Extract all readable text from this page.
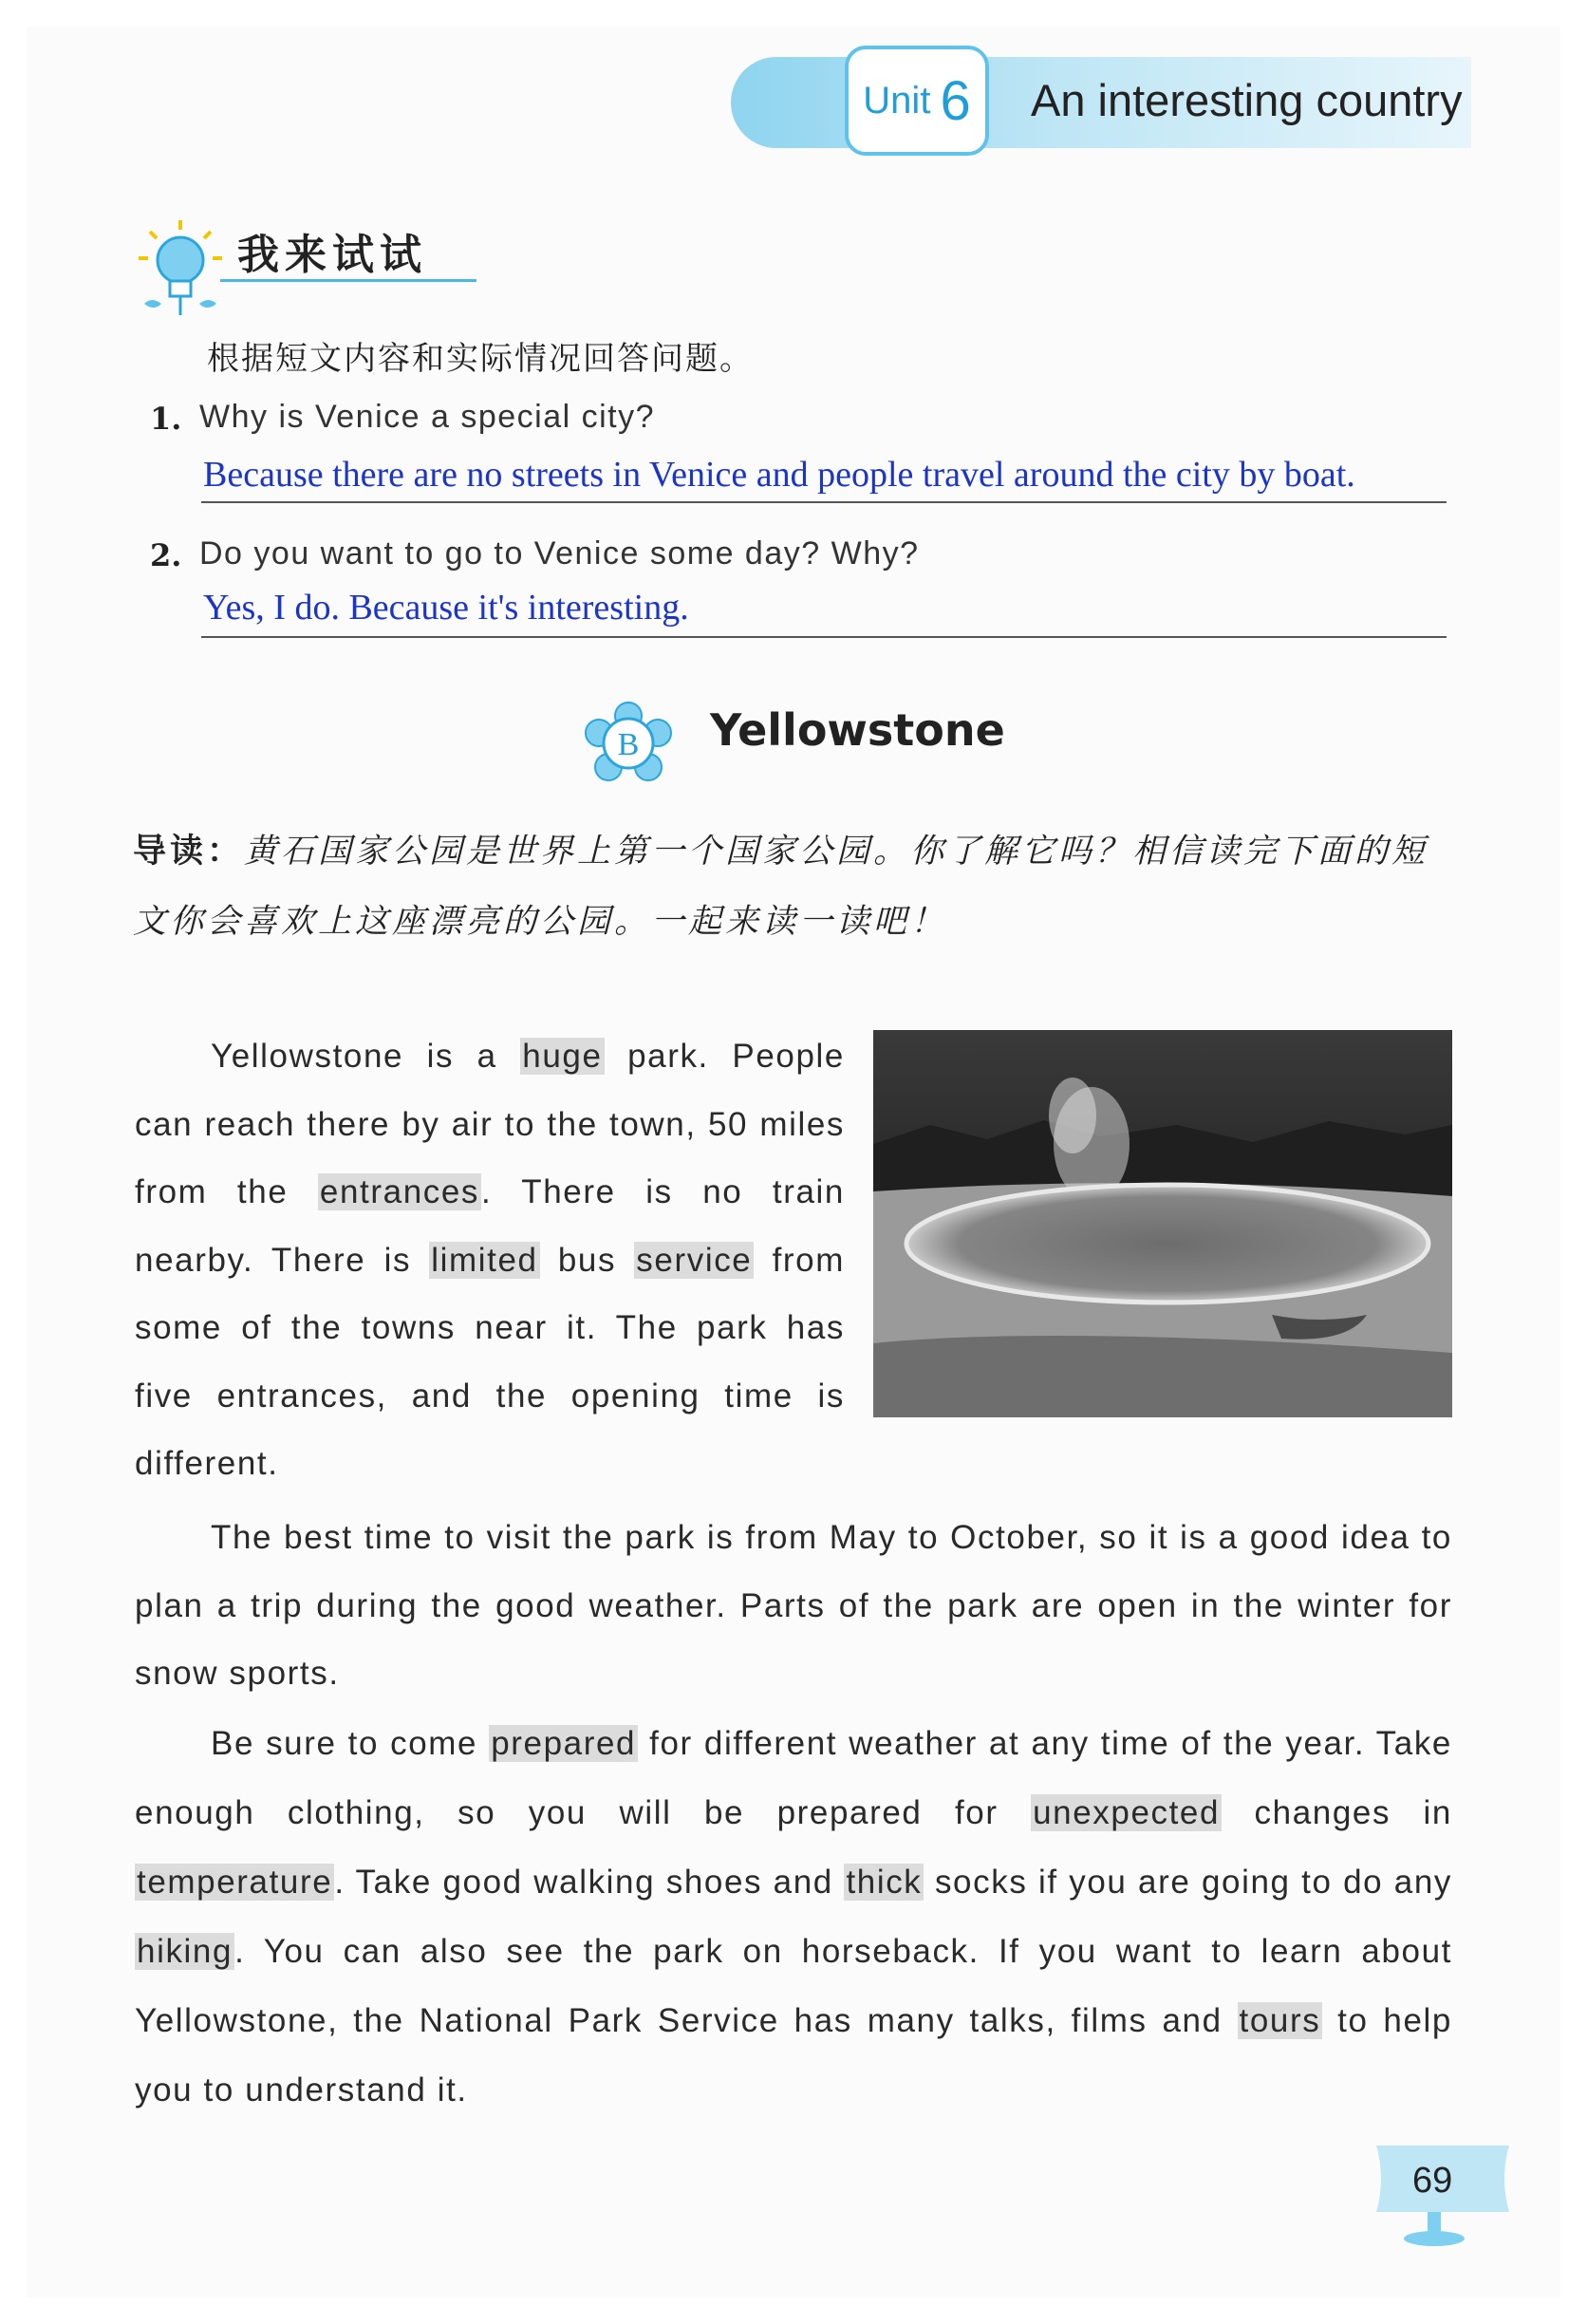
Unit 6 An interesting country
我来试试
根据短文内容和实际情况回答问题。
1. Why is Venice a special city?
Because there are no streets in Venice and people travel around the city by boat.
2. Do you want to go to Venice some day? Why?
Yes, I do. Because it's interesting.
B Yellowstone
导读：黄石国家公园是世界上第一个国家公园。你了解它吗？相信读完下面的短文你会喜欢上这座漂亮的公园。一起来读一读吧！

Yellowstone is a huge park. People can reach there by air to the town, 50 miles from the entrances. There is no train nearby. There is limited bus service from some of the towns near it. The park has five entrances, and the opening time is different.

The best time to visit the park is from May to October, so it is a good idea to plan a trip during the good weather. Parts of the park are open in the winter for snow sports.

Be sure to come prepared for different weather at any time of the year. Take enough clothing, so you will be prepared for unexpected changes in temperature. Take good walking shoes and thick socks if you are going to do any hiking. You can also see the park on horseback. If you want to learn about Yellowstone, the National Park Service has many talks, films and tours to help you to understand it.

69
